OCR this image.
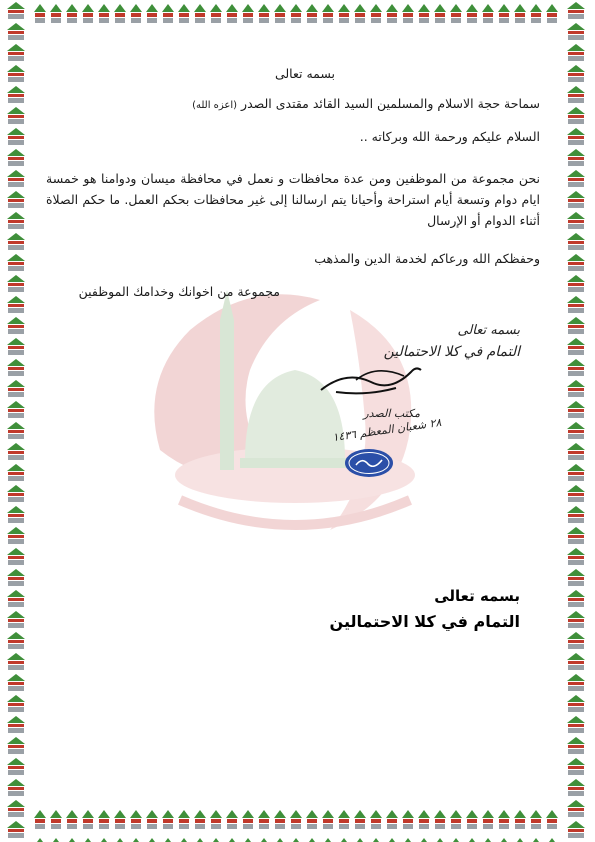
بسمه تعالى

سماحة حجة الاسلام والمسلمين السيد القائد مقتدى الصدر (اعزه الله)

السلام عليكم ورحمة الله وبركاته ..

نحن مجموعة من الموظفين ومن عدة محافظات و نعمل في محافظة ميسان ودوامنا هو خمسة ايام دوام وتسعة أيام استراحة وأحيانا يتم ارسالنا إلى غير محافظات بحكم العمل. ما حكم الصلاة أثناء الدوام أو الإرسال

وحفظكم الله ورعاكم لخدمة الدين والمذهب

مجموعة من اخوانك وخدامك الموظفين

بسمه تعالى

التمام في كلا الاحتمالين

مكتب الصدر

٢٨ شعبان المعظم ١٤٣٦

بسمه تعالى

التمام في كلا الاحتمالين
